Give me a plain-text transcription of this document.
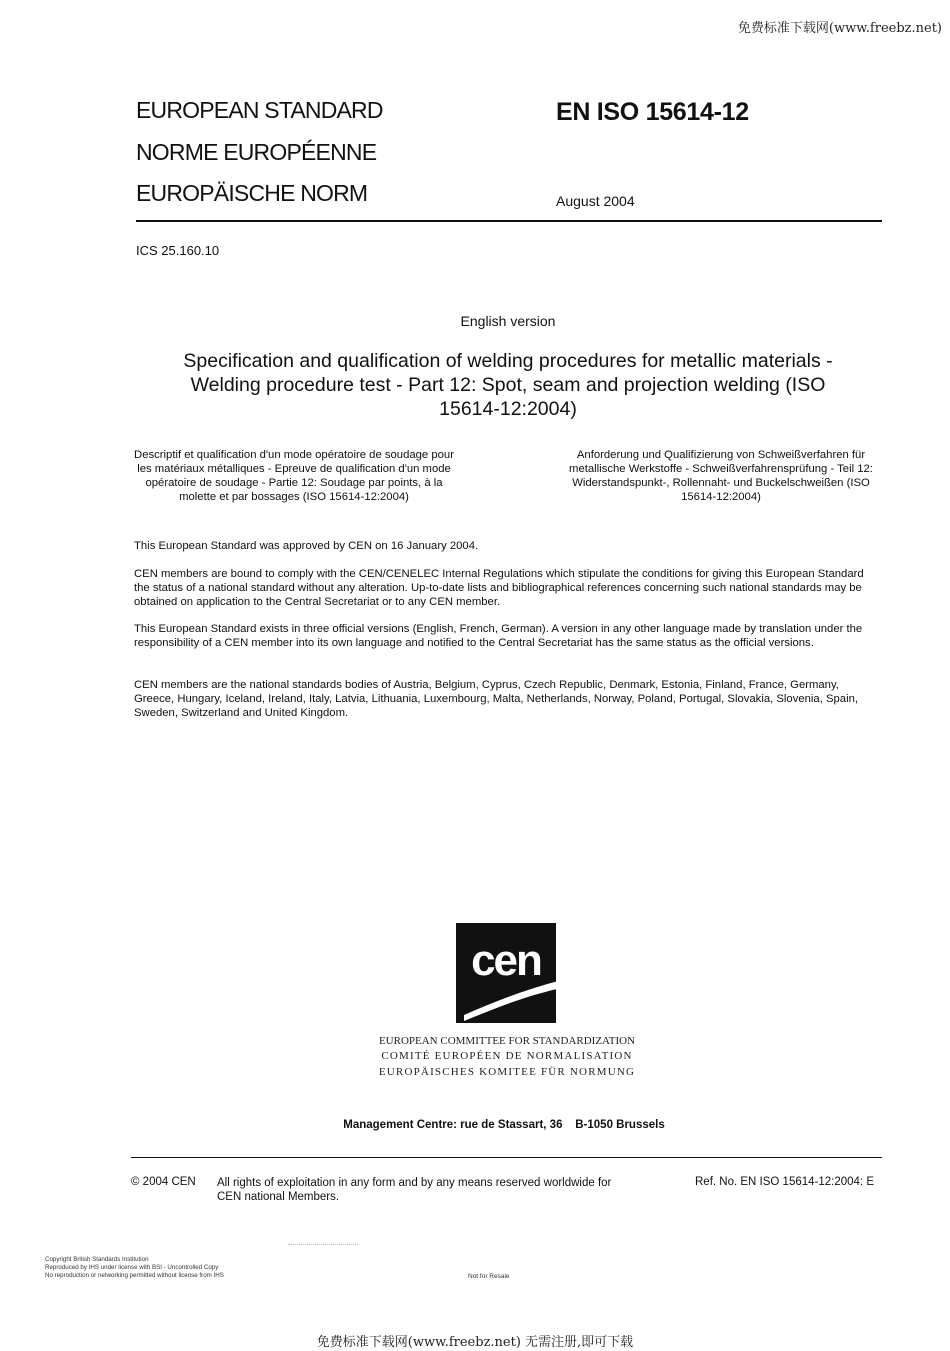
免费标准下载网(www.freebz.net)
EUROPEAN STANDARD
NORME EUROPÉENNE
EUROPÄISCHE NORM
EN ISO 15614-12
August 2004
ICS 25.160.10
English version
Specification and qualification of welding procedures for metallic materials - Welding procedure test - Part 12: Spot, seam and projection welding (ISO 15614-12:2004)
Descriptif et qualification d'un mode opératoire de soudage pour les matériaux métalliques - Epreuve de qualification d'un mode opératoire de soudage - Partie 12: Soudage par points, à la molette et par bossages (ISO 15614-12:2004)
Anforderung und Qualifizierung von Schweißverfahren für metallische Werkstoffe - Schweißverfahrensprüfung - Teil 12: Widerstandspunkt-, Rollennaht- und Buckelschweißen (ISO 15614-12:2004)
This European Standard was approved by CEN on 16 January 2004.
CEN members are bound to comply with the CEN/CENELEC Internal Regulations which stipulate the conditions for giving this European Standard the status of a national standard without any alteration. Up-to-date lists and bibliographical references concerning such national standards may be obtained on application to the Central Secretariat or to any CEN member.
This European Standard exists in three official versions (English, French, German). A version in any other language made by translation under the responsibility of a CEN member into its own language and notified to the Central Secretariat has the same status as the official versions.
CEN members are the national standards bodies of Austria, Belgium, Cyprus, Czech Republic, Denmark, Estonia, Finland, France, Germany, Greece, Hungary, Iceland, Ireland, Italy, Latvia, Lithuania, Luxembourg, Malta, Netherlands, Norway, Poland, Portugal, Slovakia, Slovenia, Spain, Sweden, Switzerland and United Kingdom.
cen
EUROPEAN COMMITTEE FOR STANDARDIZATION
COMITÉ EUROPÉEN DE NORMALISATION
EUROPÄISCHES KOMITEE FÜR NORMUNG
Management Centre: rue de Stassart, 36    B-1050 Brussels
© 2004 CEN All rights of exploitation in any form and by any means reserved worldwide for CEN national Members.
Ref. No. EN ISO 15614-12:2004: E
Copyright British Standards Institution
Reproduced by IHS under license with BSI - Uncontrolled Copy
No reproduction or networking permitted without license from IHS	Not for Resale
免费标准下载网(www.freebz.net) 无需注册,即可下载
